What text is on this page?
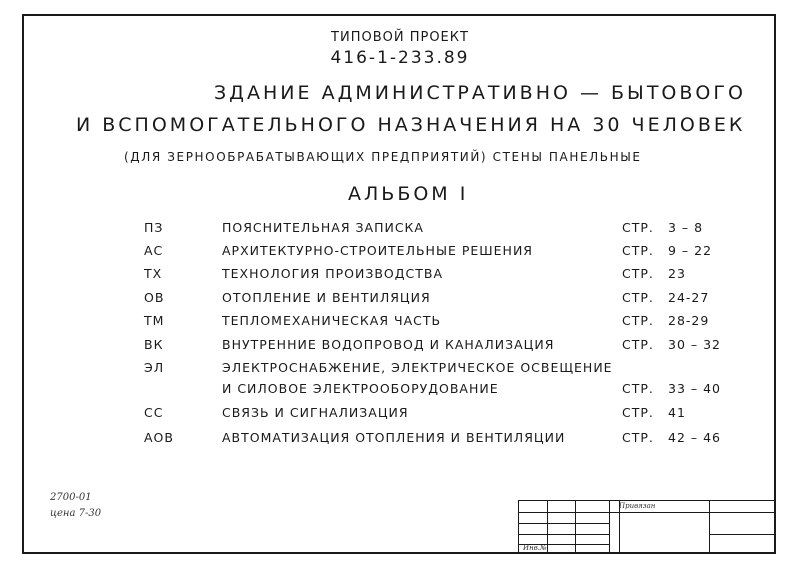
ТИПОВОЙ ПРОЕКТ
416-1-233.89
ЗДАНИЕ АДМИНИСТРАТИВНО — БЫТОВОГО
И ВСПОМОГАТЕЛЬНОГО НАЗНАЧЕНИЯ НА 30 ЧЕЛОВЕК
(ДЛЯ ЗЕРНООБРАБАТЫВАЮЩИХ ПРЕДПРИЯТИЙ) СТЕНЫ ПАНЕЛЬНЫЕ
АЛЬБОМ I
ПЗ	ПОЯСНИТЕЛЬНАЯ ЗАПИСКА	СТР. 3 – 8
АС	АРХИТЕКТУРНО-СТРОИТЕЛЬНЫЕ РЕШЕНИЯ	СТР. 9 – 22
ТХ	ТЕХНОЛОГИЯ ПРОИЗВОДСТВА	СТР. 23
ОВ	ОТОПЛЕНИЕ И ВЕНТИЛЯЦИЯ	СТР. 24-27
ТМ	ТЕПЛОМЕХАНИЧЕСКАЯ ЧАСТЬ	СТР. 28-29
ВК	ВНУТРЕННИЕ ВОДОПРОВОД И КАНАЛИЗАЦИЯ	СТР. 30 – 32
ЭЛ	ЭЛЕКТРОСНАБЖЕНИЕ, ЭЛЕКТРИЧЕСКОЕ ОСВЕЩЕНИЕ
И СИЛОВОЕ ЭЛЕКТРООБОРУДОВАНИЕ	СТР. 33 – 40
СС	СВЯЗЬ И СИГНАЛИЗАЦИЯ	СТР. 41
АОВ	АВТОМАТИЗАЦИЯ ОТОПЛЕНИЯ И ВЕНТИЛЯЦИИ	СТР. 42 – 46
2700-01
цена 7-30
Привязан
Инв.№
